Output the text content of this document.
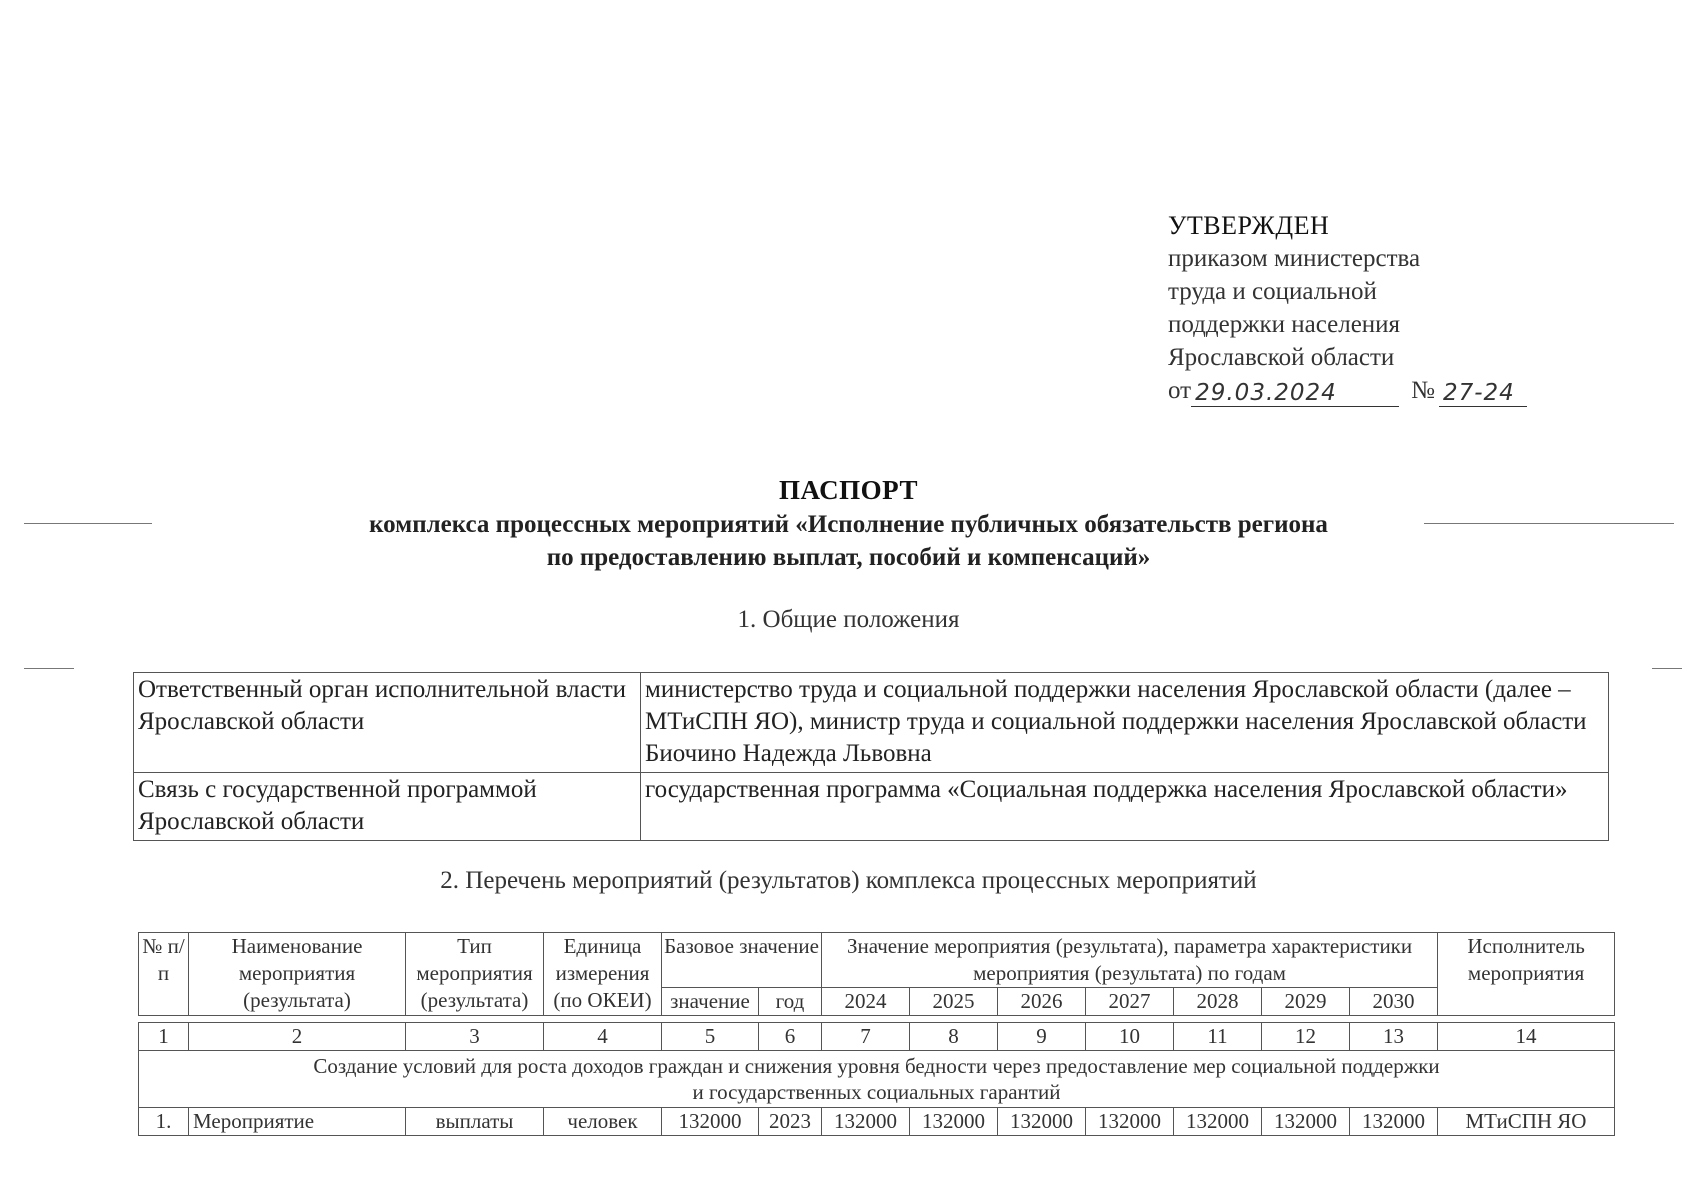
УТВЕРЖДЕН
приказом министерства
труда и социальной
поддержки населения
Ярославской области
от 29.03.2024	№ 27-24
ПАСПОРТ
комплекса процессных мероприятий «Исполнение публичных обязательств региона
по предоставлению выплат, пособий и компенсаций»
1. Общие положения
Ответственный орган исполнительной власти Ярославской области	министерство труда и социальной поддержки населения Ярославской области (далее – МТиСПН ЯО), министр труда и социальной поддержки населения Ярославской области Биочино Надежда Львовна
Связь с государственной программой Ярославской области	государственная программа «Социальная поддержка населения Ярославской области»
2. Перечень мероприятий (результатов) комплекса процессных мероприятий
№ п/п	Наименование мероприятия (результата)	Тип мероприятия (результата)	Единица измерения (по ОКЕИ)	Базовое значение		Значение мероприятия (результата), параметра характеристики мероприятия (результата) по годам							Исполнитель мероприятия
				значение	год	2024	2025	2026	2027	2028	2029	2030	
1	2	3	4	5	6	7	8	9	10	11	12	13	14

Создание условий для роста доходов граждан и снижения уровня бедности через предоставление мер социальной поддержки
и государственных социальных гарантий													

1.	Мероприятие	выплаты	человек	132000	2023	132000	132000	132000	132000	132000	132000	132000	МТиСПН ЯО
